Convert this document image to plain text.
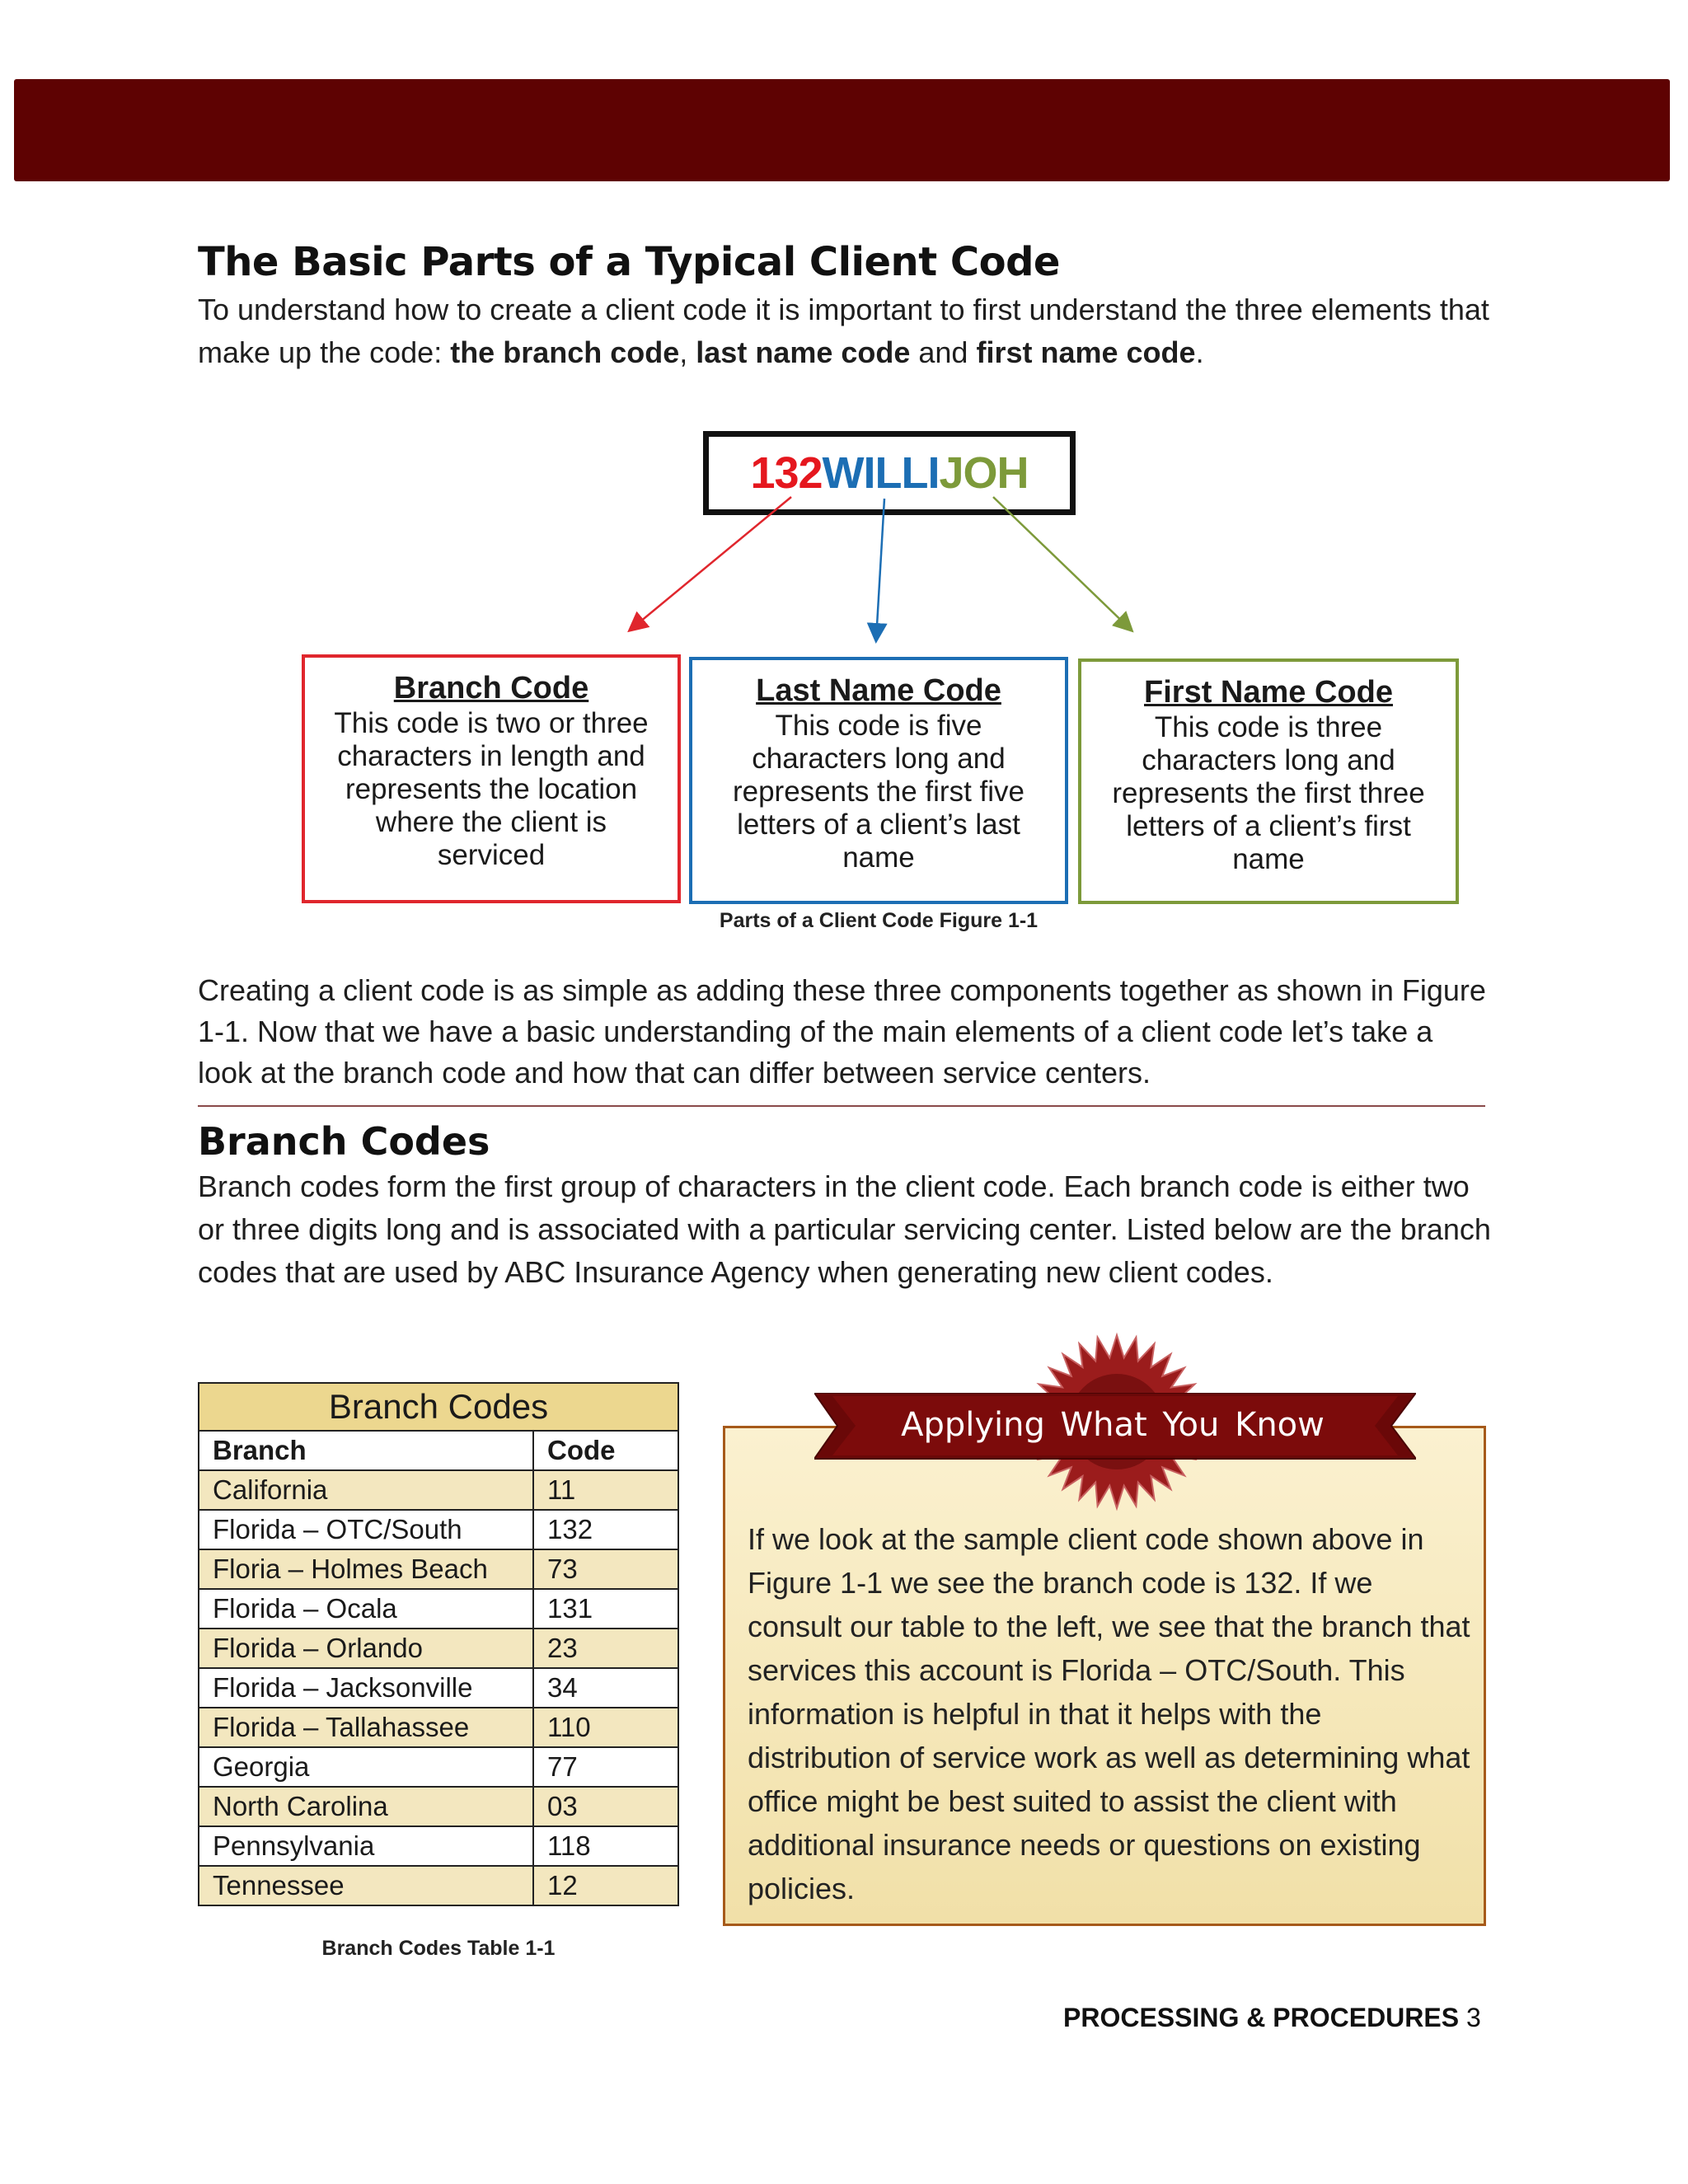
The Basic Parts of a Typical Client Code
To understand how to create a client code it is important to first understand the three elements that make up the code: the branch code, last name code and first name code.
132WILLIJOH
Branch Code
This code is two or three characters in length and represents the location where the client is serviced
Last Name Code
This code is five characters long and represents the first five letters of a client’s last name
First Name Code
This code is three characters long and represents the first three letters of a client’s first name
Parts of a Client Code Figure 1-1
Creating a client code is as simple as adding these three components together as shown in Figure 1-1. Now that we have a basic understanding of the main elements of a client code let’s take a look at the branch code and how that can differ between service centers.
Branch Codes
Branch codes form the first group of characters in the client code. Each branch code is either two or three digits long and is associated with a particular servicing center. Listed below are the branch codes that are used by ABC Insurance Agency when generating new client codes.
Branch Codes	
Branch	Code
California	11
Florida – OTC/South	132
Floria – Holmes Beach	73
Florida – Ocala	131
Florida – Orlando	23
Florida – Jacksonville	34
Florida – Tallahassee	110
Georgia	77
North Carolina	03
Pennsylvania	118
Tennessee	12
Branch Codes Table 1-1
If we look at the sample client code shown above in Figure 1-1 we see the branch code is 132. If we consult our table to the left, we see that the branch that services this account is Florida – OTC/South. This information is helpful in that it helps with the distribution of service work as well as determining what office might be best suited to assist the client with additional insurance needs or questions on existing policies.
Applying What You Know
PROCESSING & PROCEDURES 3
